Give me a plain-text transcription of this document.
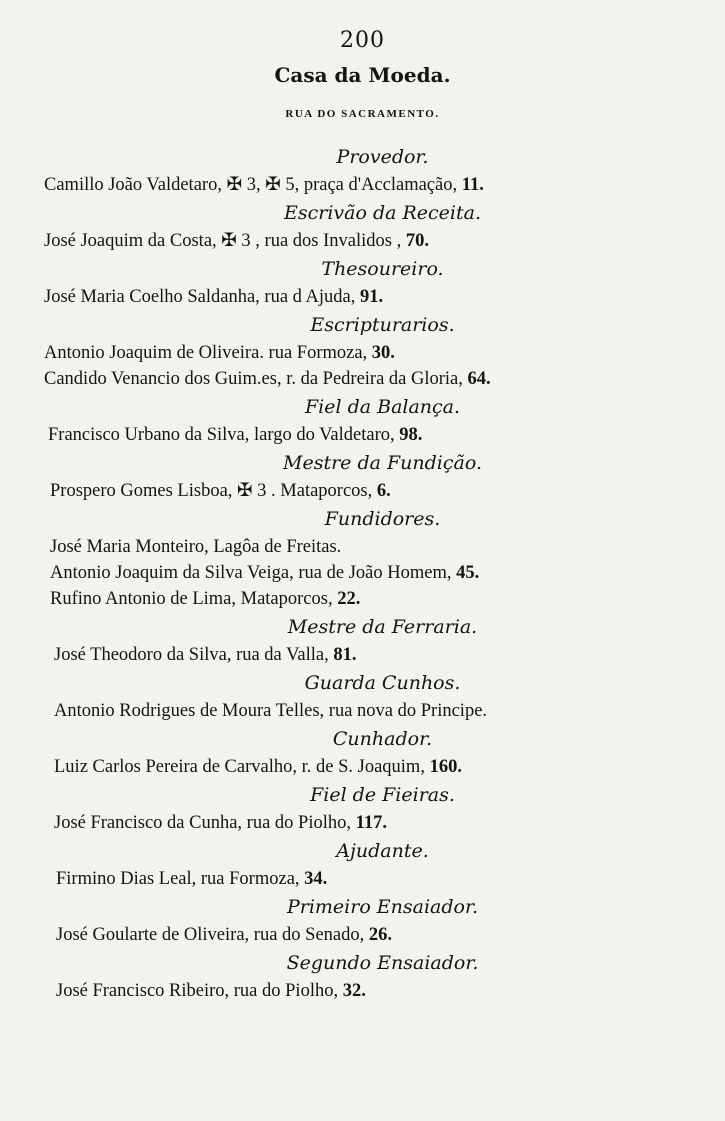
200
Casa da Moeda.
RUA DO SACRAMENTO.
Provedor.
Camillo João Valdetaro, ✠ 3, ✠ 5, praça d'Acclamação, 11.
Escrivão da Receita.
José Joaquim da Costa, ✠ 3 , rua dos Invalidos , 70.
Thesoureiro.
José Maria Coelho Saldanha, rua d Ajuda, 91.
Escripturarios.
Antonio Joaquim de Oliveira. rua Formoza, 30.
Candido Venancio dos Guim.es, r. da Pedreira da Gloria, 64.
Fiel da Balança.
Francisco Urbano da Silva, largo do Valdetaro, 98.
Mestre da Fundição.
Prospero Gomes Lisboa, ✠ 3 . Mataporcos, 6.
Fundidores.
José Maria Monteiro, Lagôa de Freitas.
Antonio Joaquim da Silva Veiga, rua de João Homem, 45.
Rufino Antonio de Lima, Mataporcos, 22.
Mestre da Ferraria.
José Theodoro da Silva, rua da Valla, 81.
Guarda Cunhos.
Antonio Rodrigues de Moura Telles, rua nova do Principe.
Cunhador.
Luiz Carlos Pereira de Carvalho, r. de S. Joaquim, 160.
Fiel de Fieiras.
José Francisco da Cunha, rua do Piolho, 117.
Ajudante.
Firmino Dias Leal, rua Formoza, 34.
Primeiro Ensaiador.
José Goularte de Oliveira, rua do Senado, 26.
Segundo Ensaiador.
José Francisco Ribeiro, rua do Piolho, 32.
